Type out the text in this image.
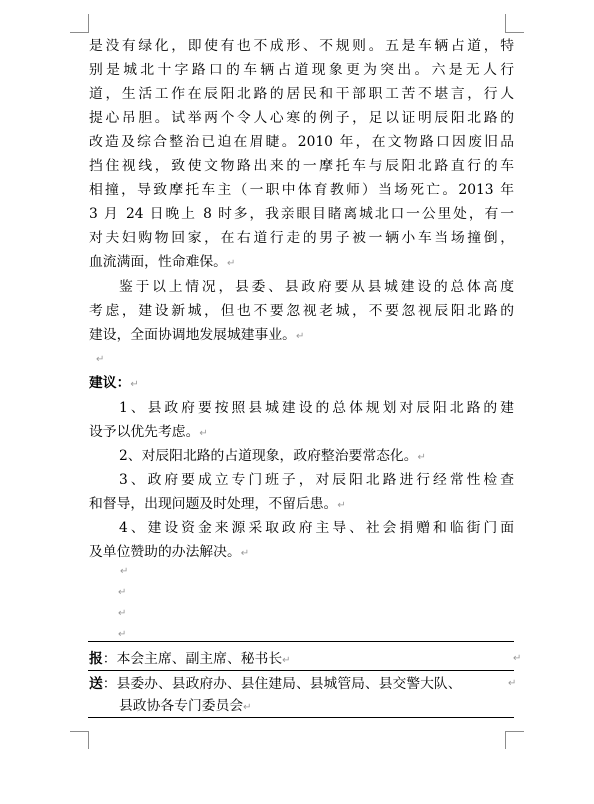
是没有绿化，即使有也不成形、不规则。五是车辆占道，特
别是城北十字路口的车辆占道现象更为突出。六是无人行
道，生活工作在辰阳北路的居民和干部职工苦不堪言，行人
提心吊胆。试举两个令人心寒的例子，足以证明辰阳北路的
改造及综合整治已迫在眉睫。2010 年，在文物路口因废旧品
挡住视线，致使文物路出来的一摩托车与辰阳北路直行的车
相撞，导致摩托车主（一职中体育教师）当场死亡。2013 年
3 月 24 日晚上 8 时多，我亲眼目睹离城北口一公里处，有一
对夫妇购物回家，在右道行走的男子被一辆小车当场撞倒，
血流满面，性命难保。↵
鉴于以上情况，县委、县政府要从县城建设的总体高度
考虑，建设新城，但也不要忽视老城，不要忽视辰阳北路的
建设，全面协调地发展城建事业。↵
↵
建议：↵
1、县政府要按照县城建设的总体规划对辰阳北路的建
设予以优先考虑。↵
2、对辰阳北路的占道现象，政府整治要常态化。↵
3、政府要成立专门班子，对辰阳北路进行经常性检查
和督导，出现问题及时处理，不留后患。↵
4、建设资金来源采取政府主导、社会捐赠和临街门面
及单位赞助的办法解决。↵
↵
↵
↵
↵
报：本会主席、副主席、秘书长↵	↵
送：县委办、县政府办、县住建局、县城管局、县交警大队、	↵
县政协各专门委员会↵
